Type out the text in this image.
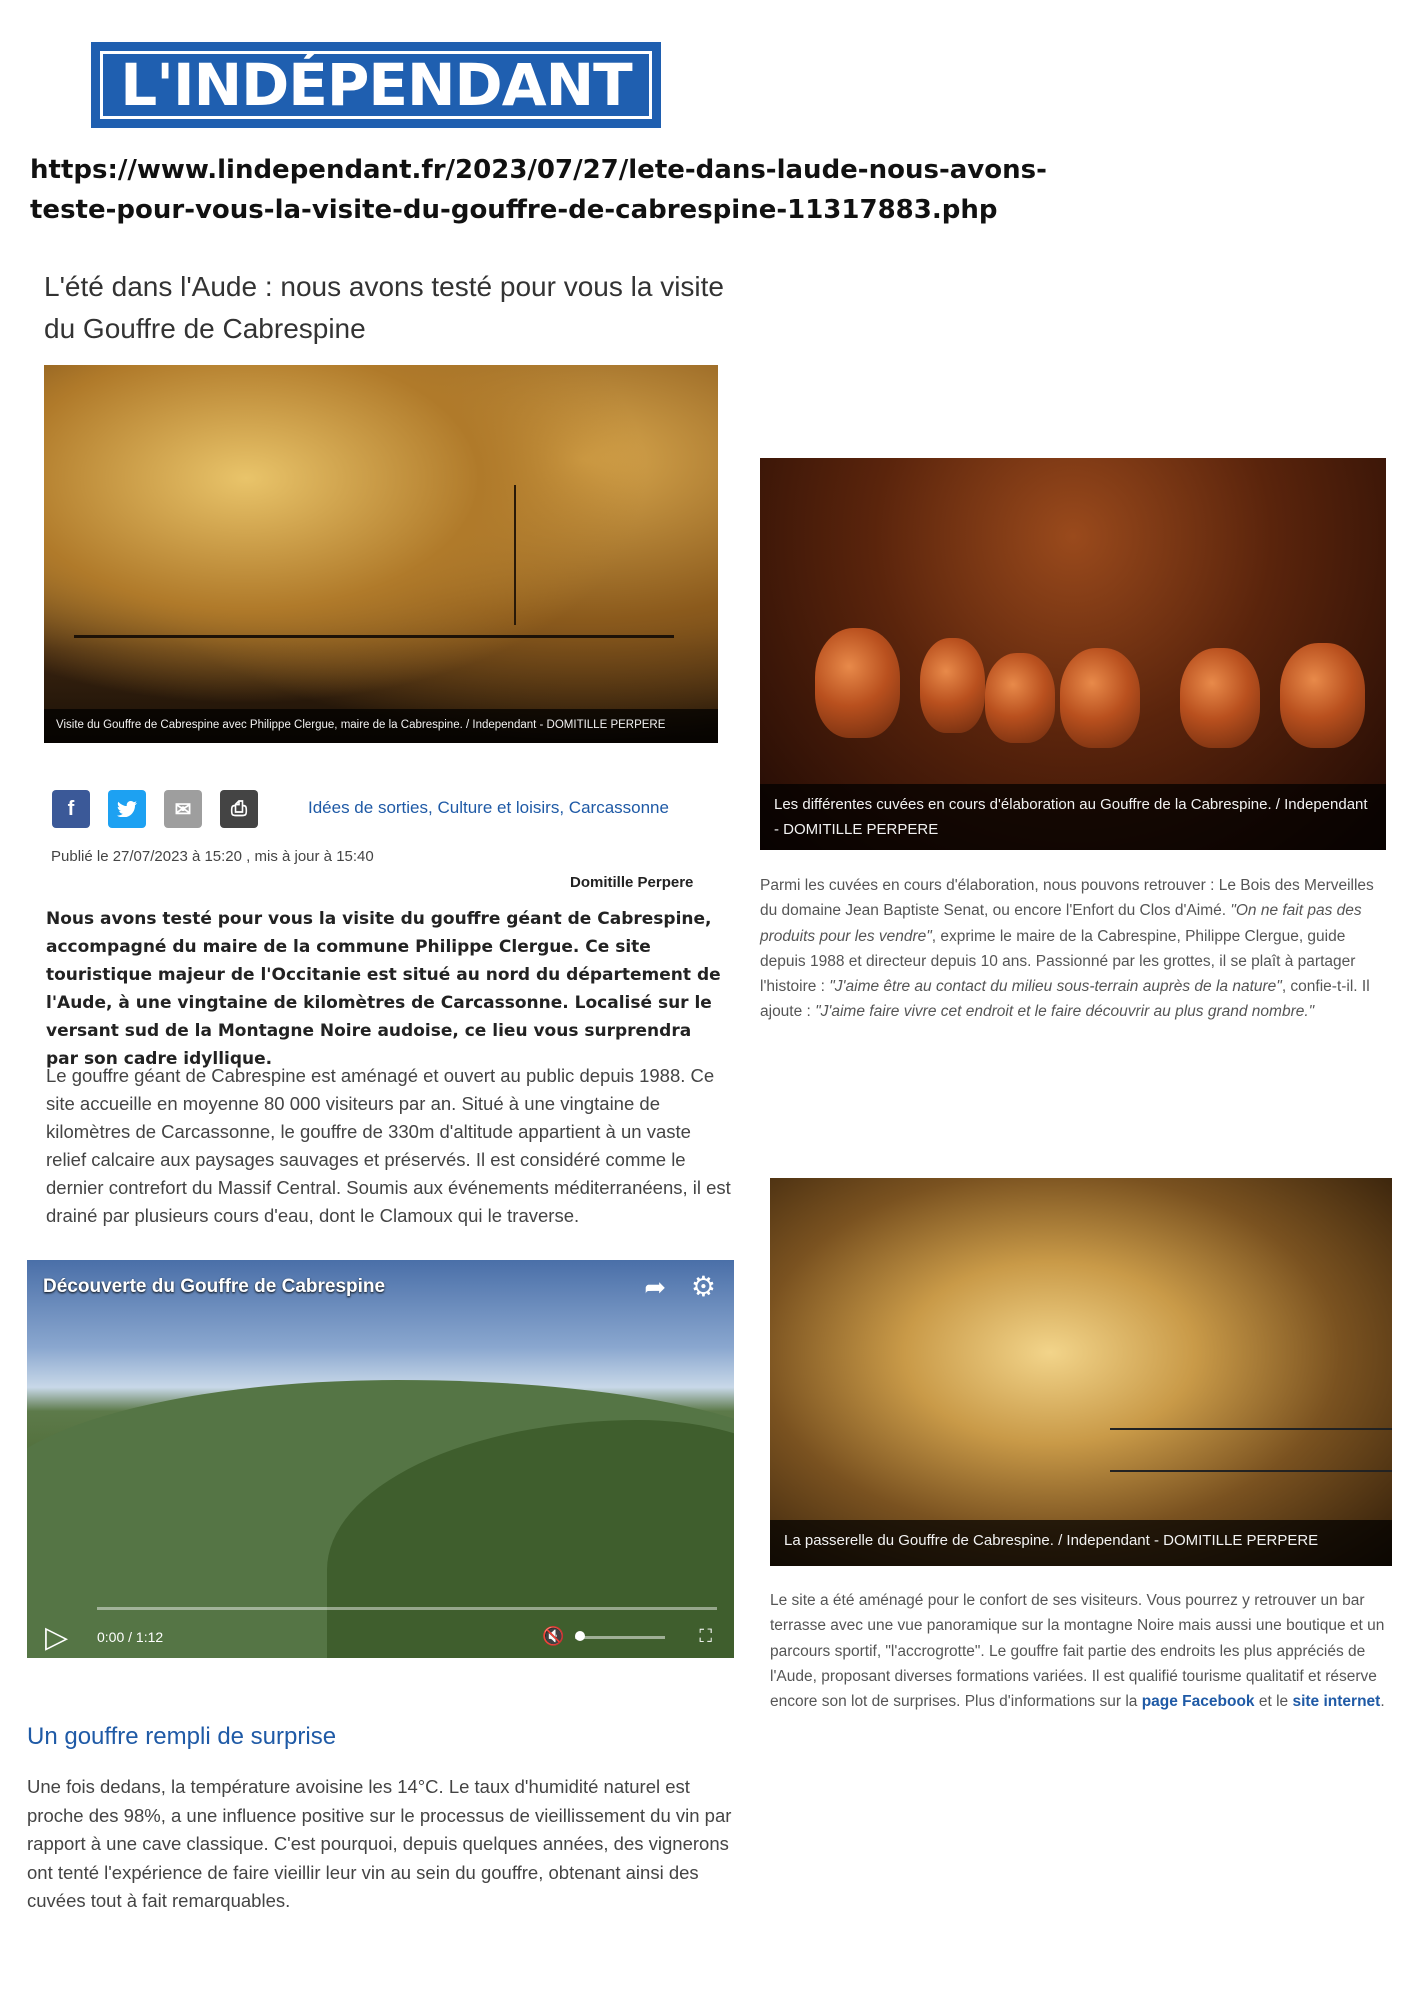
L'INDÉPENDANT
https://www.lindependant.fr/2023/07/27/lete-dans-laude-nous-avons-teste-pour-vous-la-visite-du-gouffre-de-cabrespine-11317883.php
L'été dans l'Aude : nous avons testé pour vous la visite du Gouffre de Cabrespine
Visite du Gouffre de Cabrespine avec Philippe Clergue, maire de la Cabrespine. / Independant - DOMITILLE PERPERE
f	✉ ⎙	Idées de sorties, Culture et loisirs, Carcassonne
Publié le 27/07/2023 à 15:20 , mis à jour à 15:40
Domitille Perpere
Nous avons testé pour vous la visite du gouffre géant de Cabrespine, accompagné du maire de la commune Philippe Clergue. Ce site touristique majeur de l'Occitanie est situé au nord du département de l'Aude, à une vingtaine de kilomètres de Carcassonne. Localisé sur le versant sud de la Montagne Noire audoise, ce lieu vous surprendra par son cadre idyllique.
Le gouffre géant de Cabrespine est aménagé et ouvert au public depuis 1988. Ce site accueille en moyenne 80 000 visiteurs par an. Situé à une vingtaine de kilomètres de Carcassonne, le gouffre de 330m d'altitude appartient à un vaste relief calcaire aux paysages sauvages et préservés. Il est considéré comme le dernier contrefort du Massif Central. Soumis aux événements méditerranéens, il est drainé par plusieurs cours d'eau, dont le Clamoux qui le traverse.
Découverte du Gouffre de Cabrespine	➦ ⚙
▷ 0:00 / 1:12	🔇	⛶
Un gouffre rempli de surprise
Une fois dedans, la température avoisine les 14°C. Le taux d'humidité naturel est proche des 98%, a une influence positive sur le processus de vieillissement du vin par rapport à une cave classique. C'est pourquoi, depuis quelques années, des vignerons ont tenté l'expérience de faire vieillir leur vin au sein du gouffre, obtenant ainsi des cuvées tout à fait remarquables.
Les différentes cuvées en cours d'élaboration au Gouffre de la Cabrespine. / Independant - DOMITILLE PERPERE
Parmi les cuvées en cours d'élaboration, nous pouvons retrouver : Le Bois des Merveilles du domaine Jean Baptiste Senat, ou encore l'Enfort du Clos d'Aimé. "On ne fait pas des produits pour les vendre", exprime le maire de la Cabrespine, Philippe Clergue, guide depuis 1988 et directeur depuis 10 ans. Passionné par les grottes, il se plaît à partager l'histoire : "J'aime être au contact du milieu sous-terrain auprès de la nature", confie-t-il. Il ajoute : "J'aime faire vivre cet endroit et le faire découvrir au plus grand nombre."
La passerelle du Gouffre de Cabrespine. / Independant - DOMITILLE PERPERE
Le site a été aménagé pour le confort de ses visiteurs. Vous pourrez y retrouver un bar terrasse avec une vue panoramique sur la montagne Noire mais aussi une boutique et un parcours sportif, "l'accrogrotte". Le gouffre fait partie des endroits les plus appréciés de l'Aude, proposant diverses formations variées. Il est qualifié tourisme qualitatif et réserve encore son lot de surprises. Plus d'informations sur la page Facebook et le site internet.
